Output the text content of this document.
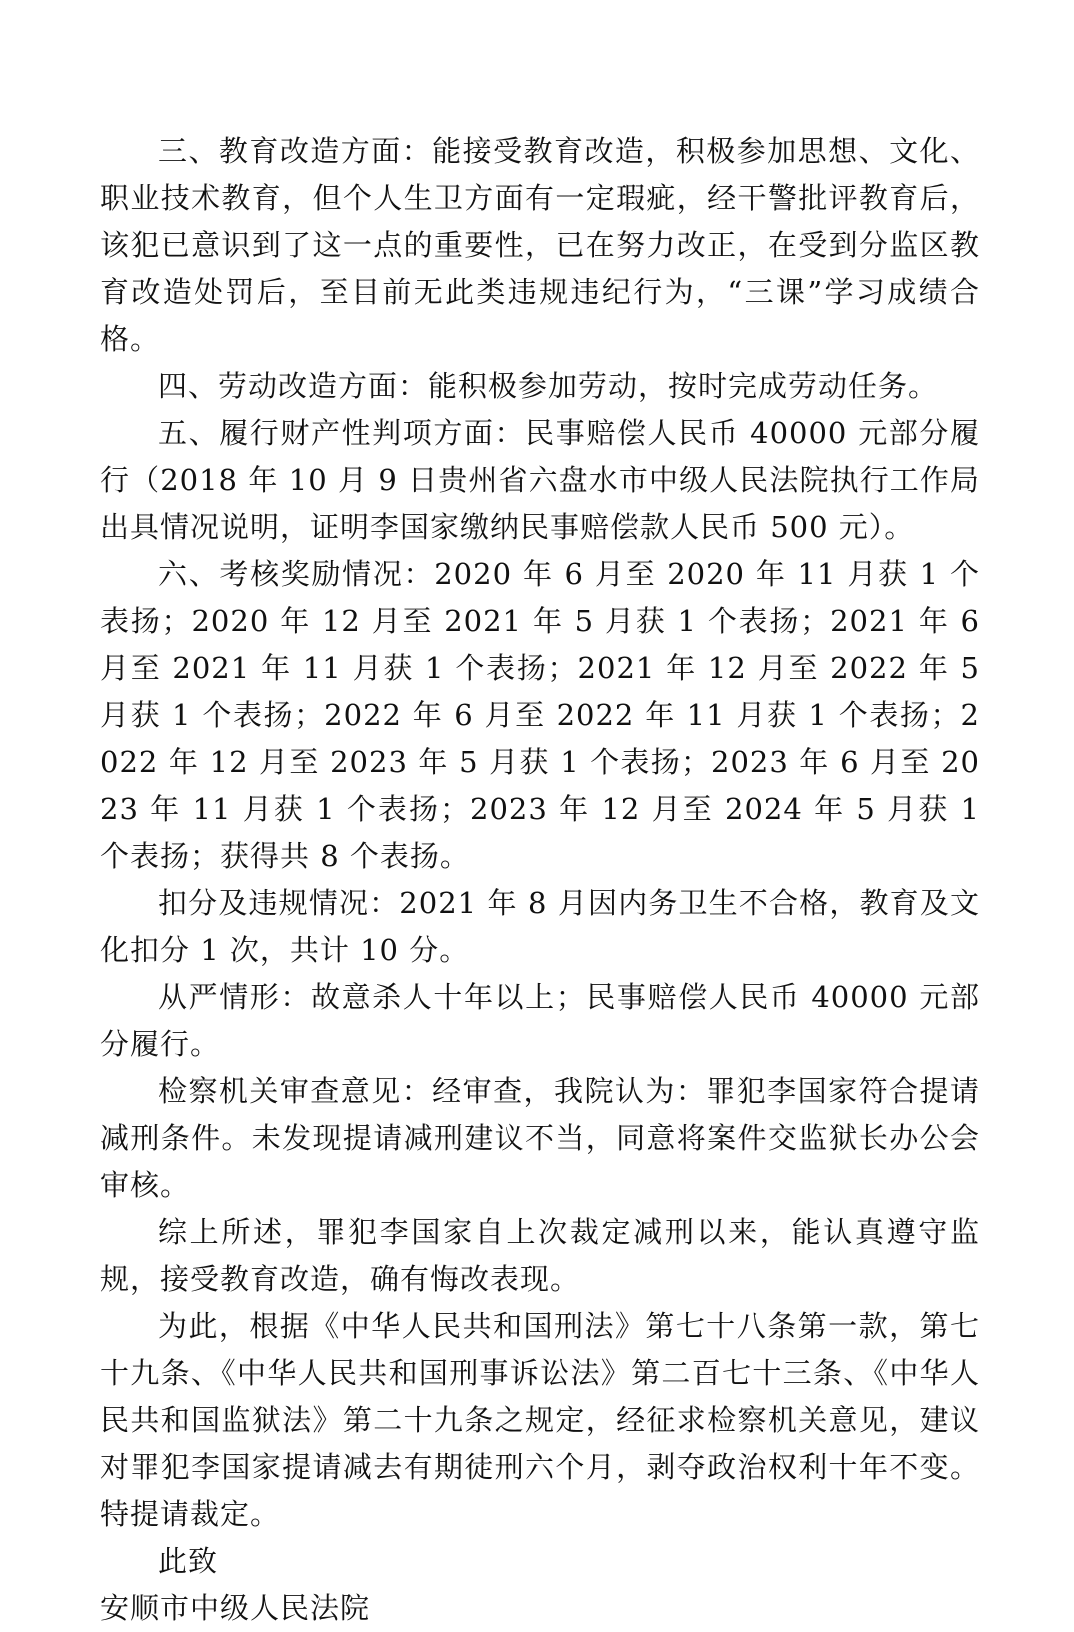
三、教育改造方面：能接受教育改造，积极参加思想、文化、职业技术教育，但个人生卫方面有一定瑕疵，经干警批评教育后，该犯已意识到了这一点的重要性，已在努力改正，在受到分监区教育改造处罚后，至目前无此类违规违纪行为，“三课”学习成绩合格。

四、劳动改造方面：能积极参加劳动，按时完成劳动任务。

五、履行财产性判项方面：民事赔偿人民币 40000 元部分履行（2018 年 10 月 9 日贵州省六盘水市中级人民法院执行工作局出具情况说明，证明李国家缴纳民事赔偿款人民币 500 元）。

六、考核奖励情况：2020 年 6 月至 2020 年 11 月获 1 个表扬；2020 年 12 月至 2021 年 5 月获 1 个表扬；2021 年 6 月至 2021 年 11 月获 1 个表扬；2021 年 12 月至 2022 年 5 月获 1 个表扬；2022 年 6 月至 2022 年 11 月获 1 个表扬；2022 年 12 月至 2023 年 5 月获 1 个表扬；2023 年 6 月至 2023 年 11 月获 1 个表扬；2023 年 12 月至 2024 年 5 月获 1 个表扬；获得共 8 个表扬。

扣分及违规情况：2021 年 8 月因内务卫生不合格，教育及文化扣分 1 次，共计 10 分。

从严情形：故意杀人十年以上；民事赔偿人民币 40000 元部分履行。

检察机关审查意见：经审查，我院认为：罪犯李国家符合提请减刑条件。未发现提请减刑建议不当，同意将案件交监狱长办公会审核。

综上所述，罪犯李国家自上次裁定减刑以来，能认真遵守监规，接受教育改造，确有悔改表现。

为此，根据《中华人民共和国刑法》第七十八条第一款，第七十九条、《中华人民共和国刑事诉讼法》第二百七十三条、《中华人民共和国监狱法》第二十九条之规定，经征求检察机关意见，建议对罪犯李国家提请减去有期徒刑六个月，剥夺政治权利十年不变。特提请裁定。

此致

安顺市中级人民法院
